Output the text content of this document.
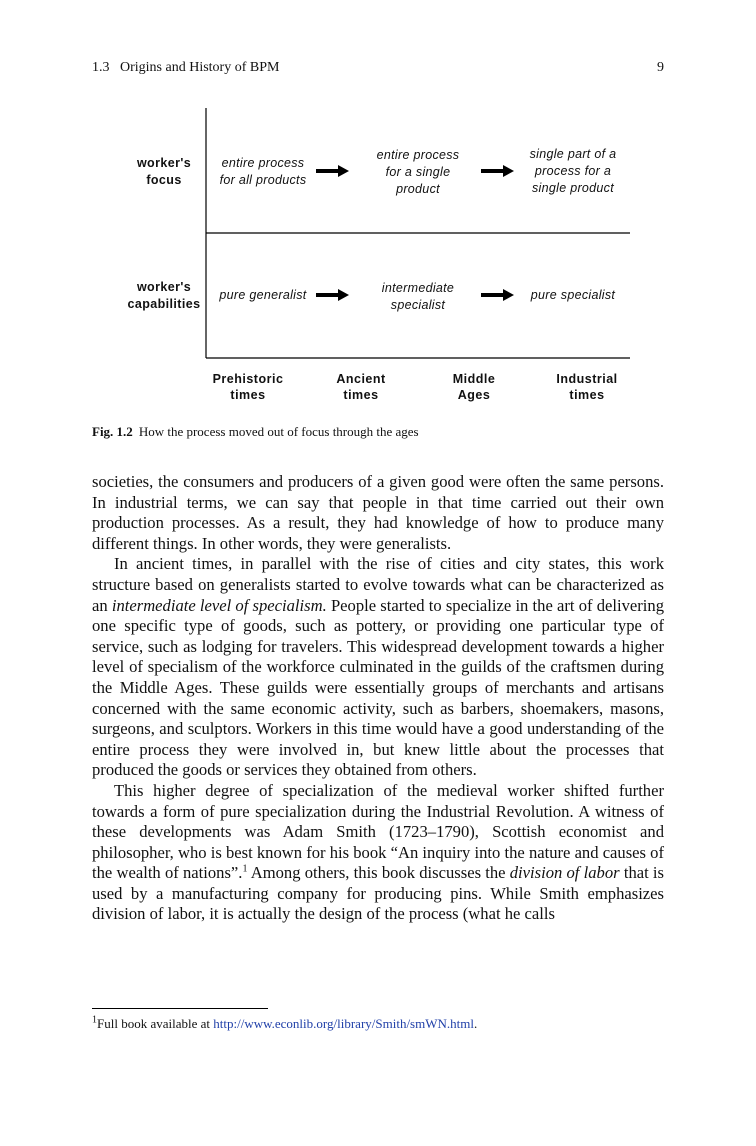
1.3   Origins and History of BPM	9
worker's
focus
worker's
capabilities
entire process
for all products
entire process
for a single
product
single part of a
process for a
single product
pure generalist	intermediate
specialist
pure specialist
Prehistoric
times
Ancient
times
Middle
Ages
Industrial
times
Fig. 1.2 How the process moved out of focus through the ages

societies, the consumers and producers of a given good were often the same persons. In industrial terms, we can say that people in that time carried out their own production processes. As a result, they had knowledge of how to produce many different things. In other words, they were generalists.

In ancient times, in parallel with the rise of cities and city states, this work structure based on generalists started to evolve towards what can be characterized as an intermediate level of specialism. People started to specialize in the art of delivering one specific type of goods, such as pottery, or providing one particular type of service, such as lodging for travelers. This widespread development towards a higher level of specialism of the workforce culminated in the guilds of the craftsmen during the Middle Ages. These guilds were essentially groups of merchants and artisans concerned with the same economic activity, such as barbers, shoemakers, masons, surgeons, and sculptors. Workers in this time would have a good understanding of the entire process they were involved in, but knew little about the processes that produced the goods or services they obtained from others.

This higher degree of specialization of the medieval worker shifted further towards a form of pure specialization during the Industrial Revolution. A witness of these developments was Adam Smith (1723–1790), Scottish economist and philosopher, who is best known for his book “An inquiry into the nature and causes of the wealth of nations”.$^1$ Among others, this book discusses the division of labor that is used by a manufacturing company for producing pins. While Smith emphasizes division of labor, it is actually the design of the process (what he calls

$^1$Full book available at http://www.econlib.org/library/Smith/smWN.html.
